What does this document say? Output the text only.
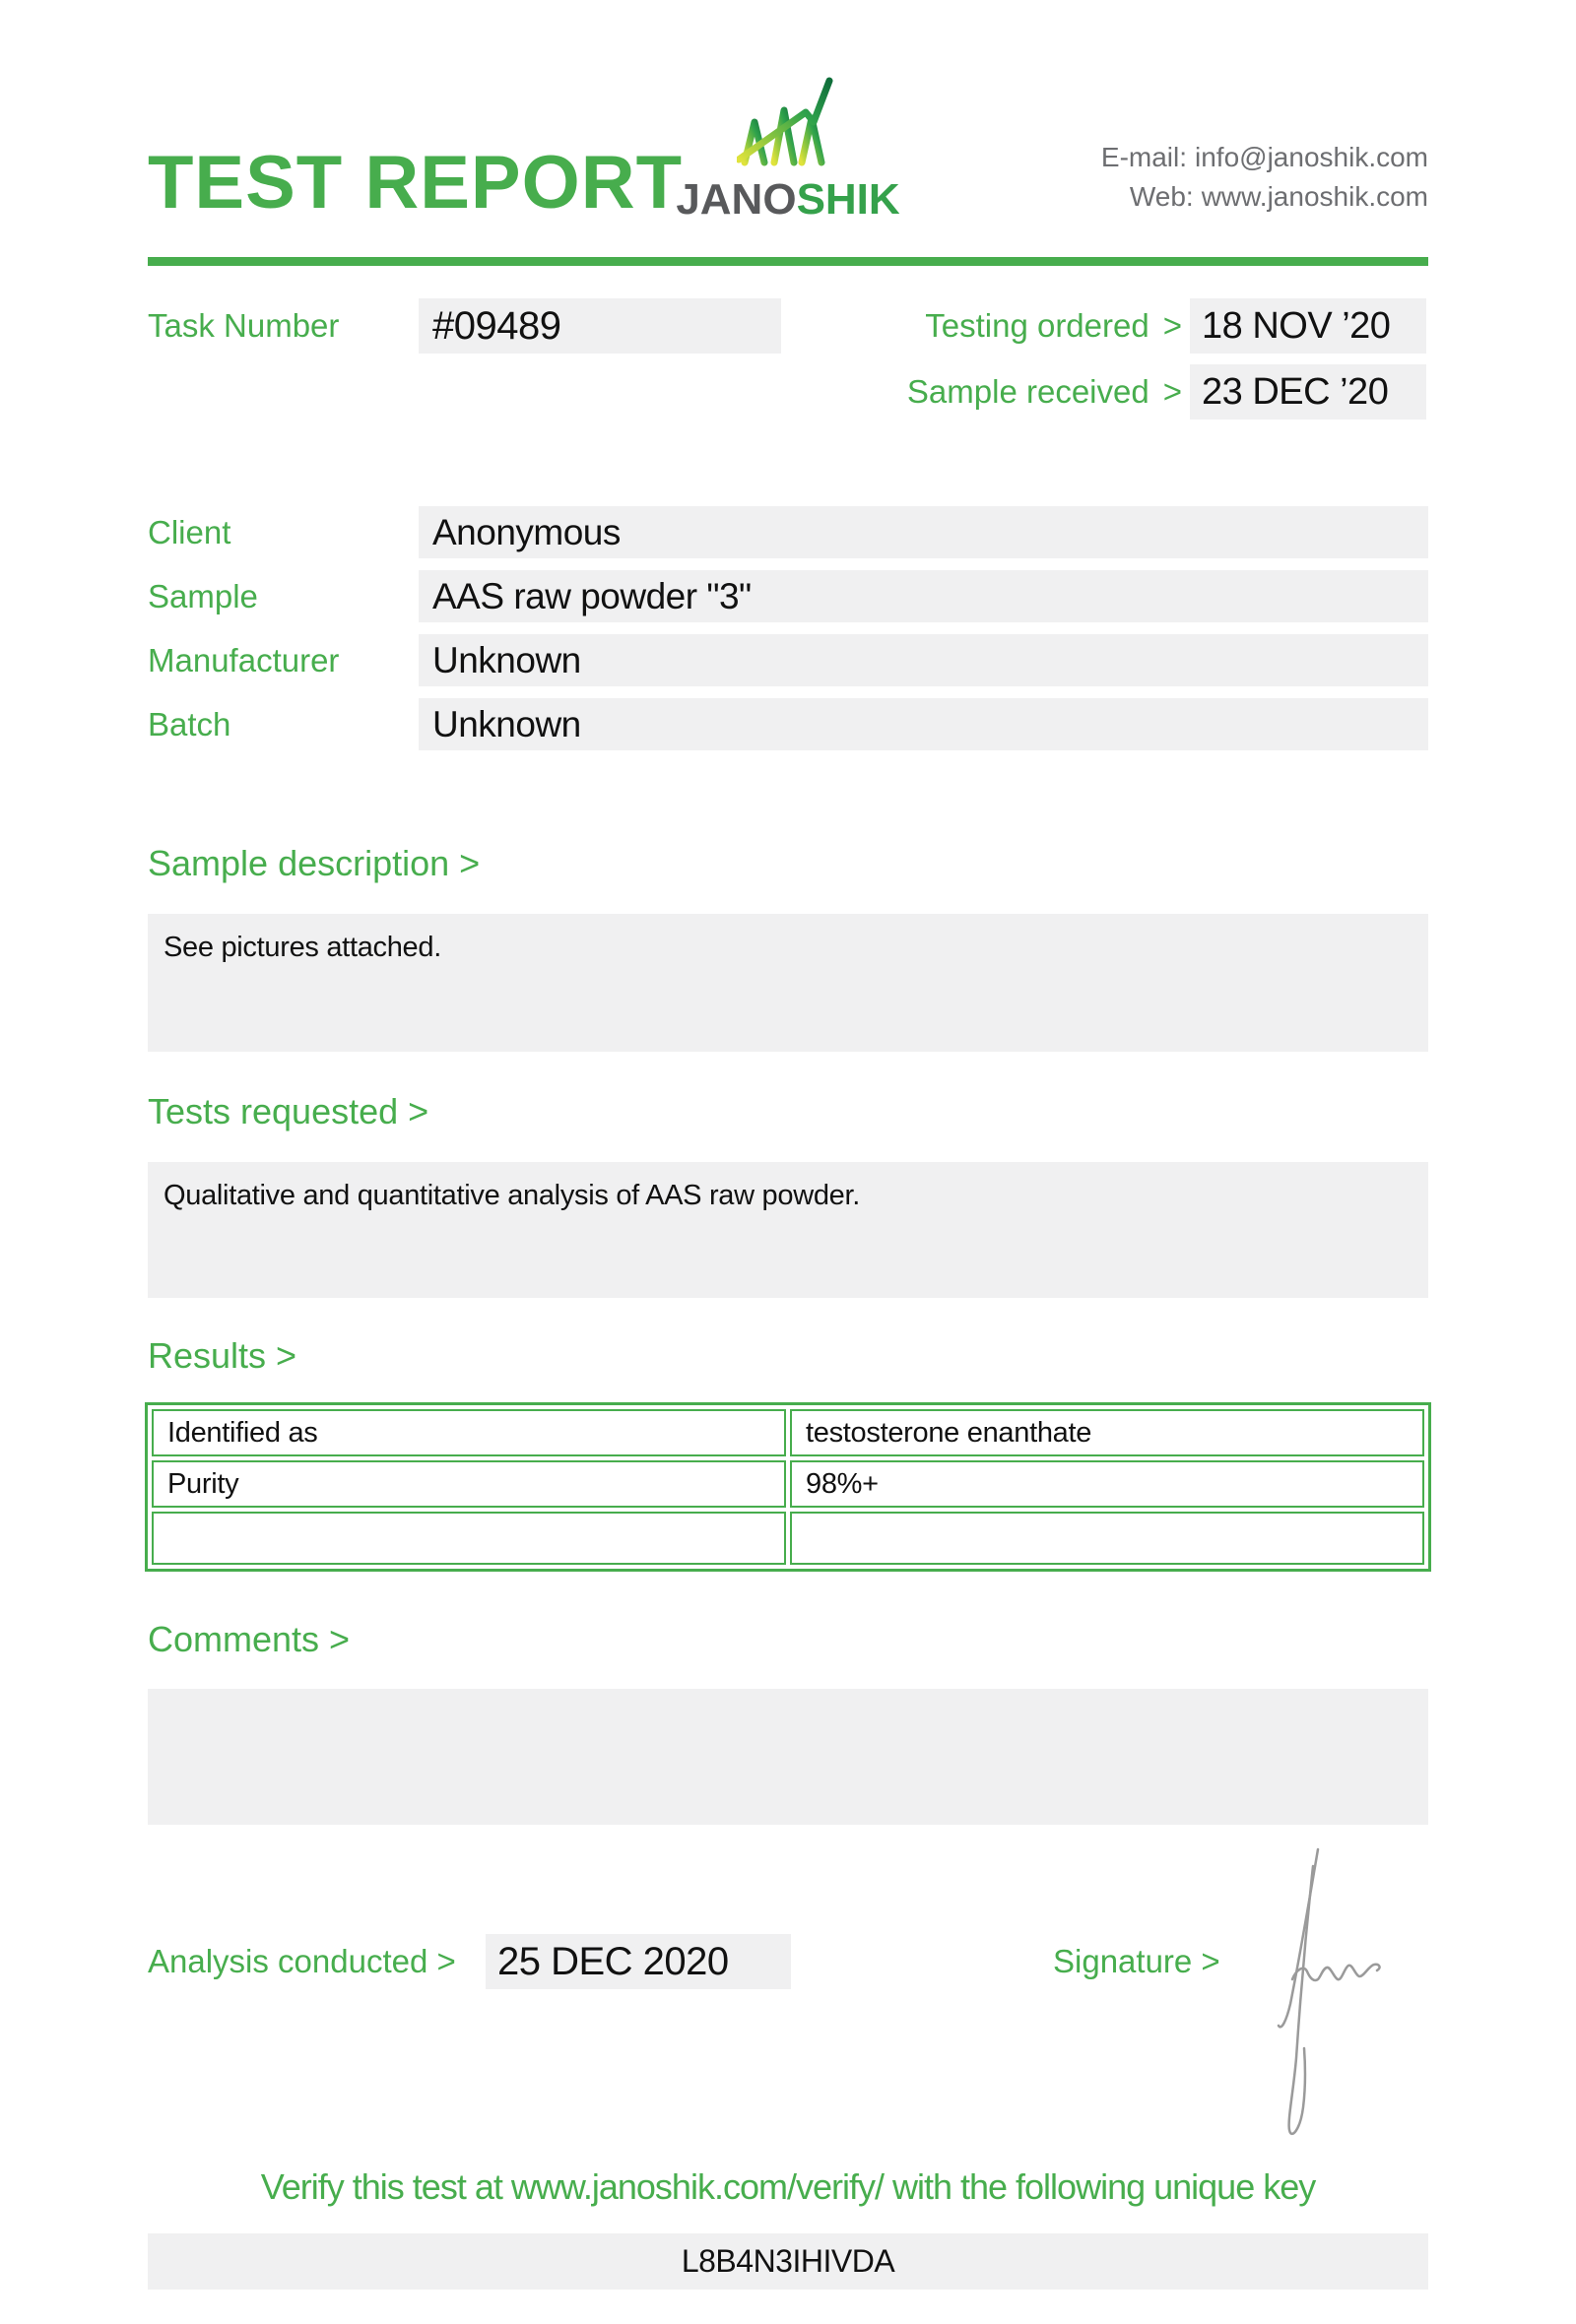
TEST REPORT
JANOSHIK
E-mail: info@janoshik.com
Web: www.janoshik.com
Task Number	#09489	Testing ordered > 18 NOV ’20
Sample received > 23 DEC ’20
Client	Anonymous
Sample	AAS raw powder "3"
Manufacturer	Unknown
Batch	Unknown
Sample description >
See pictures attached.
Tests requested >
Qualitative and quantitative analysis of AAS raw powder.
Results >
Identified as	testosterone enanthate
Purity	98%+

Comments >
Analysis conducted >	25 DEC 2020	Signature >
Verify this test at www.janoshik.com/verify/ with the following unique key
L8B4N3IHIVDA
